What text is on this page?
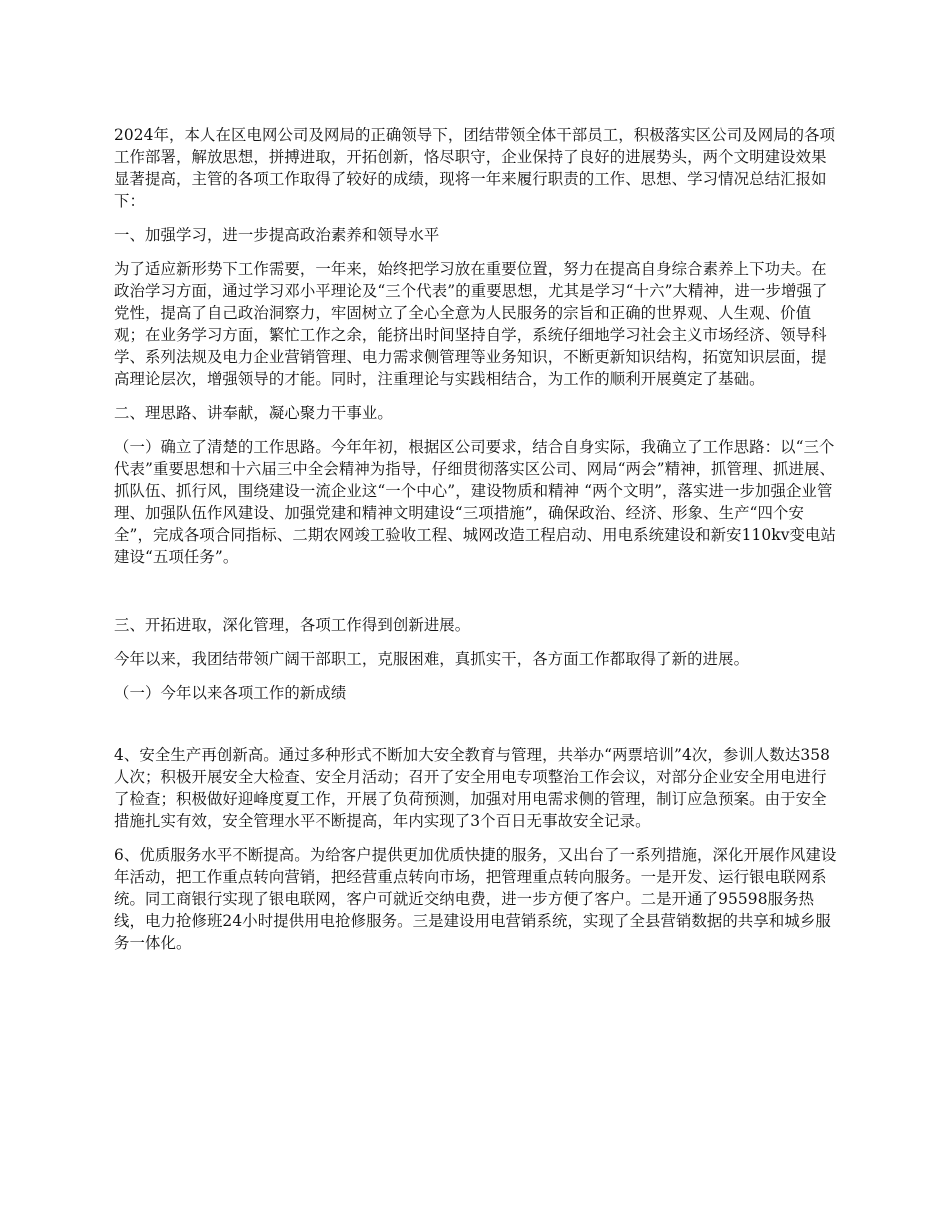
2024年，本人在区电网公司及网局的正确领导下，团结带领全体干部员工，积极落实区公司及网局的各项工作部署，解放思想，拼搏进取，开拓创新，恪尽职守，企业保持了良好的进展势头，两个文明建设效果显著提高，主管的各项工作取得了较好的成绩，现将一年来履行职责的工作、思想、学习情况总结汇报如下：

一、加强学习，进一步提高政治素养和领导水平

为了适应新形势下工作需要，一年来，始终把学习放在重要位置，努力在提高自身综合素养上下功夫。在政治学习方面，通过学习邓小平理论及“三个代表”的重要思想，尤其是学习“十六”大精神，进一步增强了党性，提高了自己政治洞察力，牢固树立了全心全意为人民服务的宗旨和正确的世界观、人生观、价值观；在业务学习方面，繁忙工作之余，能挤出时间坚持自学，系统仔细地学习社会主义市场经济、领导科学、系列法规及电力企业营销管理、电力需求侧管理等业务知识，不断更新知识结构，拓宽知识层面，提高理论层次，增强领导的才能。同时，注重理论与实践相结合，为工作的顺利开展奠定了基础。

二、理思路、讲奉献，凝心聚力干事业。

（一）确立了清楚的工作思路。今年年初，根据区公司要求，结合自身实际，我确立了工作思路：以“三个代表”重要思想和十六届三中全会精神为指导，仔细贯彻落实区公司、网局“两会”精神，抓管理、抓进展、抓队伍、抓行风，围绕建设一流企业这“一个中心”，建设物质和精神 “两个文明”，落实进一步加强企业管理、加强队伍作风建设、加强党建和精神文明建设“三项措施”，确保政治、经济、形象、生产“四个安全”，完成各项合同指标、二期农网竣工验收工程、城网改造工程启动、用电系统建设和新安110kv变电站建设“五项任务”。

三、开拓进取，深化管理，各项工作得到创新进展。

今年以来，我团结带领广阔干部职工，克服困难，真抓实干，各方面工作都取得了新的进展。

（一）今年以来各项工作的新成绩

4、安全生产再创新高。通过多种形式不断加大安全教育与管理，共举办“两票培训”4次，参训人数达358人次；积极开展安全大检查、安全月活动；召开了安全用电专项整治工作会议，对部分企业安全用电进行了检查；积极做好迎峰度夏工作，开展了负荷预测，加强对用电需求侧的管理，制订应急预案。由于安全措施扎实有效，安全管理水平不断提高，年内实现了3个百日无事故安全记录。

6、优质服务水平不断提高。为给客户提供更加优质快捷的服务，又出台了一系列措施，深化开展作风建设年活动，把工作重点转向营销，把经营重点转向市场，把管理重点转向服务。一是开发、运行银电联网系统。同工商银行实现了银电联网，客户可就近交纳电费，进一步方便了客户。二是开通了95598服务热线，电力抢修班24小时提供用电抢修服务。三是建设用电营销系统，实现了全县营销数据的共享和城乡服务一体化。
